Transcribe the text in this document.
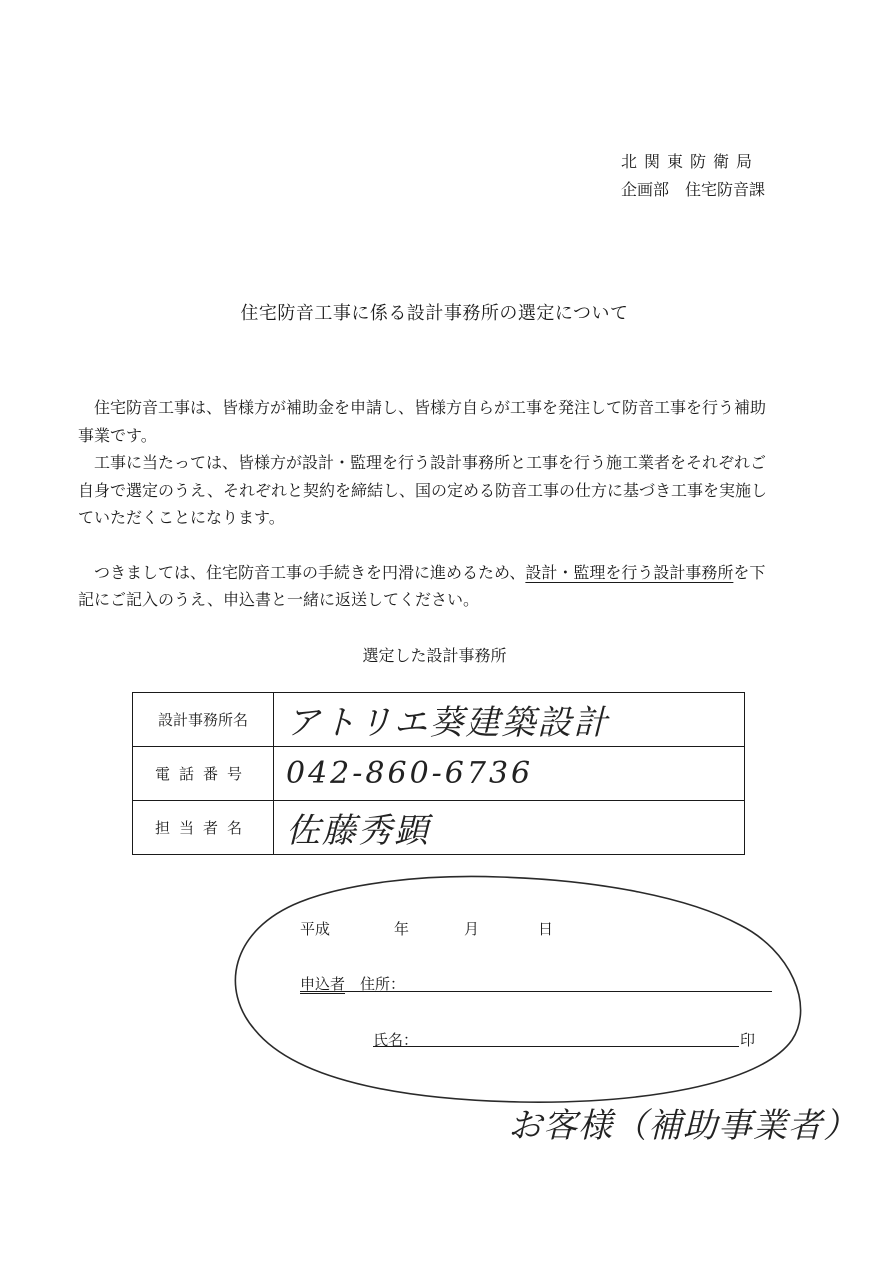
北関東防衛局
企画部　住宅防音課
住宅防音工事に係る設計事務所の選定について

住宅防音工事は、皆様方が補助金を申請し、皆様方自らが工事を発注して防音工事を行う補助事業です。

工事に当たっては、皆様方が設計・監理を行う設計事務所と工事を行う施工業者をそれぞれご自身で選定のうえ、それぞれと契約を締結し、国の定める防音工事の仕方に基づき工事を実施していただくことになります。

つきましては、住宅防音工事の手続きを円滑に進めるため、設計・監理を行う設計事務所を下記にご記入のうえ、申込書と一緒に返送してください。

選定した設計事務所
設計事務所名	アトリエ葵建築設計
電話番号	042-860-6736
担当者名	佐藤秀顕
平成	年	月	日
申込者　 住所：
氏名：	印
お客様（補助事業者）
